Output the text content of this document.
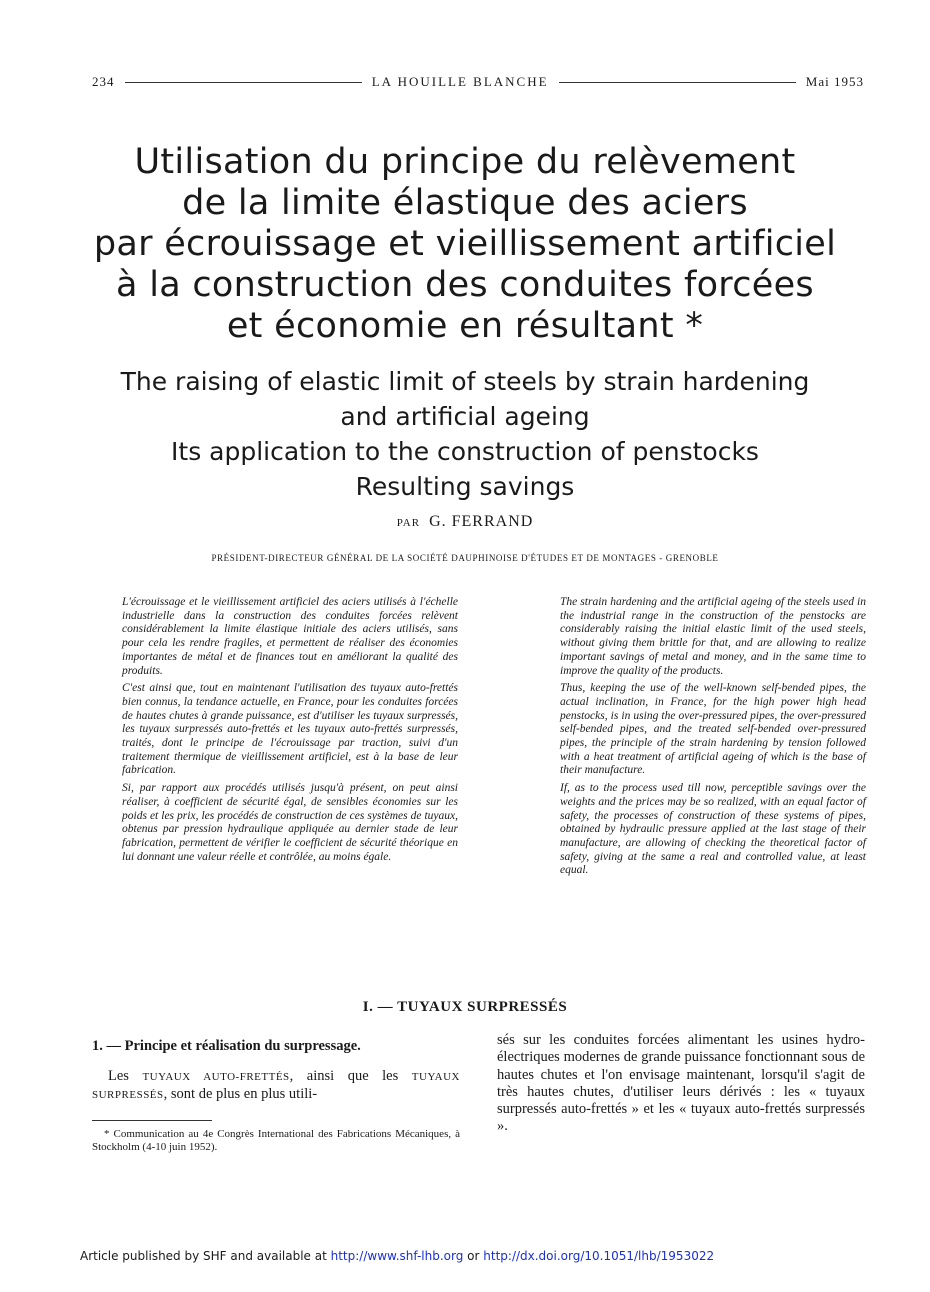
234	LA HOUILLE BLANCHE	Mai 1953
Utilisation du principe du relèvement
de la limite élastique des aciers
par écrouissage et vieillissement artificiel
à la construction des conduites forcées
et économie en résultant *
The raising of elastic limit of steels by strain hardening
and artificial ageing
Its application to the construction of penstocks
Resulting savings
PAR G. FERRAND
PRÉSIDENT-DIRECTEUR GÉNÉRAL DE LA SOCIÉTÉ DAUPHINOISE D'ÉTUDES ET DE MONTAGES - GRENOBLE

L'écrouissage et le vieillissement artificiel des aciers utilisés à l'échelle industrielle dans la construction des conduites forcées relèvent considérablement la limite élastique initiale des aciers utilisés, sans pour cela les rendre fragiles, et permettent de réaliser des économies importantes de métal et de finances tout en améliorant la qualité des produits.

C'est ainsi que, tout en maintenant l'utilisation des tuyaux auto-frettés bien connus, la tendance actuelle, en France, pour les conduites forcées de hautes chutes à grande puissance, est d'utiliser les tuyaux surpressés, les tuyaux surpressés auto-frettés et les tuyaux auto-frettés surpressés, traités, dont le principe de l'écrouissage par traction, suivi d'un traitement thermique de vieillissement artificiel, est à la base de leur fabrication.

Si, par rapport aux procédés utilisés jusqu'à présent, on peut ainsi réaliser, à coefficient de sécurité égal, de sensibles économies sur les poids et les prix, les procédés de construction de ces systèmes de tuyaux, obtenus par pression hydraulique appliquée au dernier stade de leur fabrication, permettent de vérifier le coefficient de sécurité théorique en lui donnant une valeur réelle et contrôlée, au moins égale.

The strain hardening and the artificial ageing of the steels used in the industrial range in the construction of the penstocks are considerably raising the initial elastic limit of the used steels, without giving them brittle for that, and are allowing to realize important savings of metal and money, and in the same time to improve the quality of the products.

Thus, keeping the use of the well-known self-bended pipes, the actual inclination, in France, for the high power high head penstocks, is in using the over-pressured pipes, the over-pressured self-bended pipes, and the treated self-bended over-pressured pipes, the principle of the strain hardening by tension followed with a heat treatment of artificial ageing of which is the base of their manufacture.

If, as to the process used till now, perceptible savings over the weights and the prices may be so realized, with an equal factor of safety, the processes of construction of these systems of pipes, obtained by hydraulic pressure applied at the last stage of their manufacture, are allowing of checking the theoretical factor of safety, giving at the same a real and controlled value, at least equal.

I. — TUYAUX SURPRESSÉS
1. — Principe et réalisation du surpressage.

Les TUYAUX AUTO-FRETTÉS, ainsi que les TUYAUX SURPRESSÉS, sont de plus en plus utili-

* Communication au 4e Congrès International des Fabrications Mécaniques, à Stockholm (4-10 juin 1952).

sés sur les conduites forcées alimentant les usines hydro-électriques modernes de grande puissance fonctionnant sous de hautes chutes et l'on envisage maintenant, lorsqu'il s'agit de très hautes chutes, d'utiliser leurs dérivés : les « tuyaux surpressés auto-frettés » et les « tuyaux auto-frettés surpressés ».

Article published by SHF and available at http://www.shf-lhb.org or http://dx.doi.org/10.1051/lhb/1953022
